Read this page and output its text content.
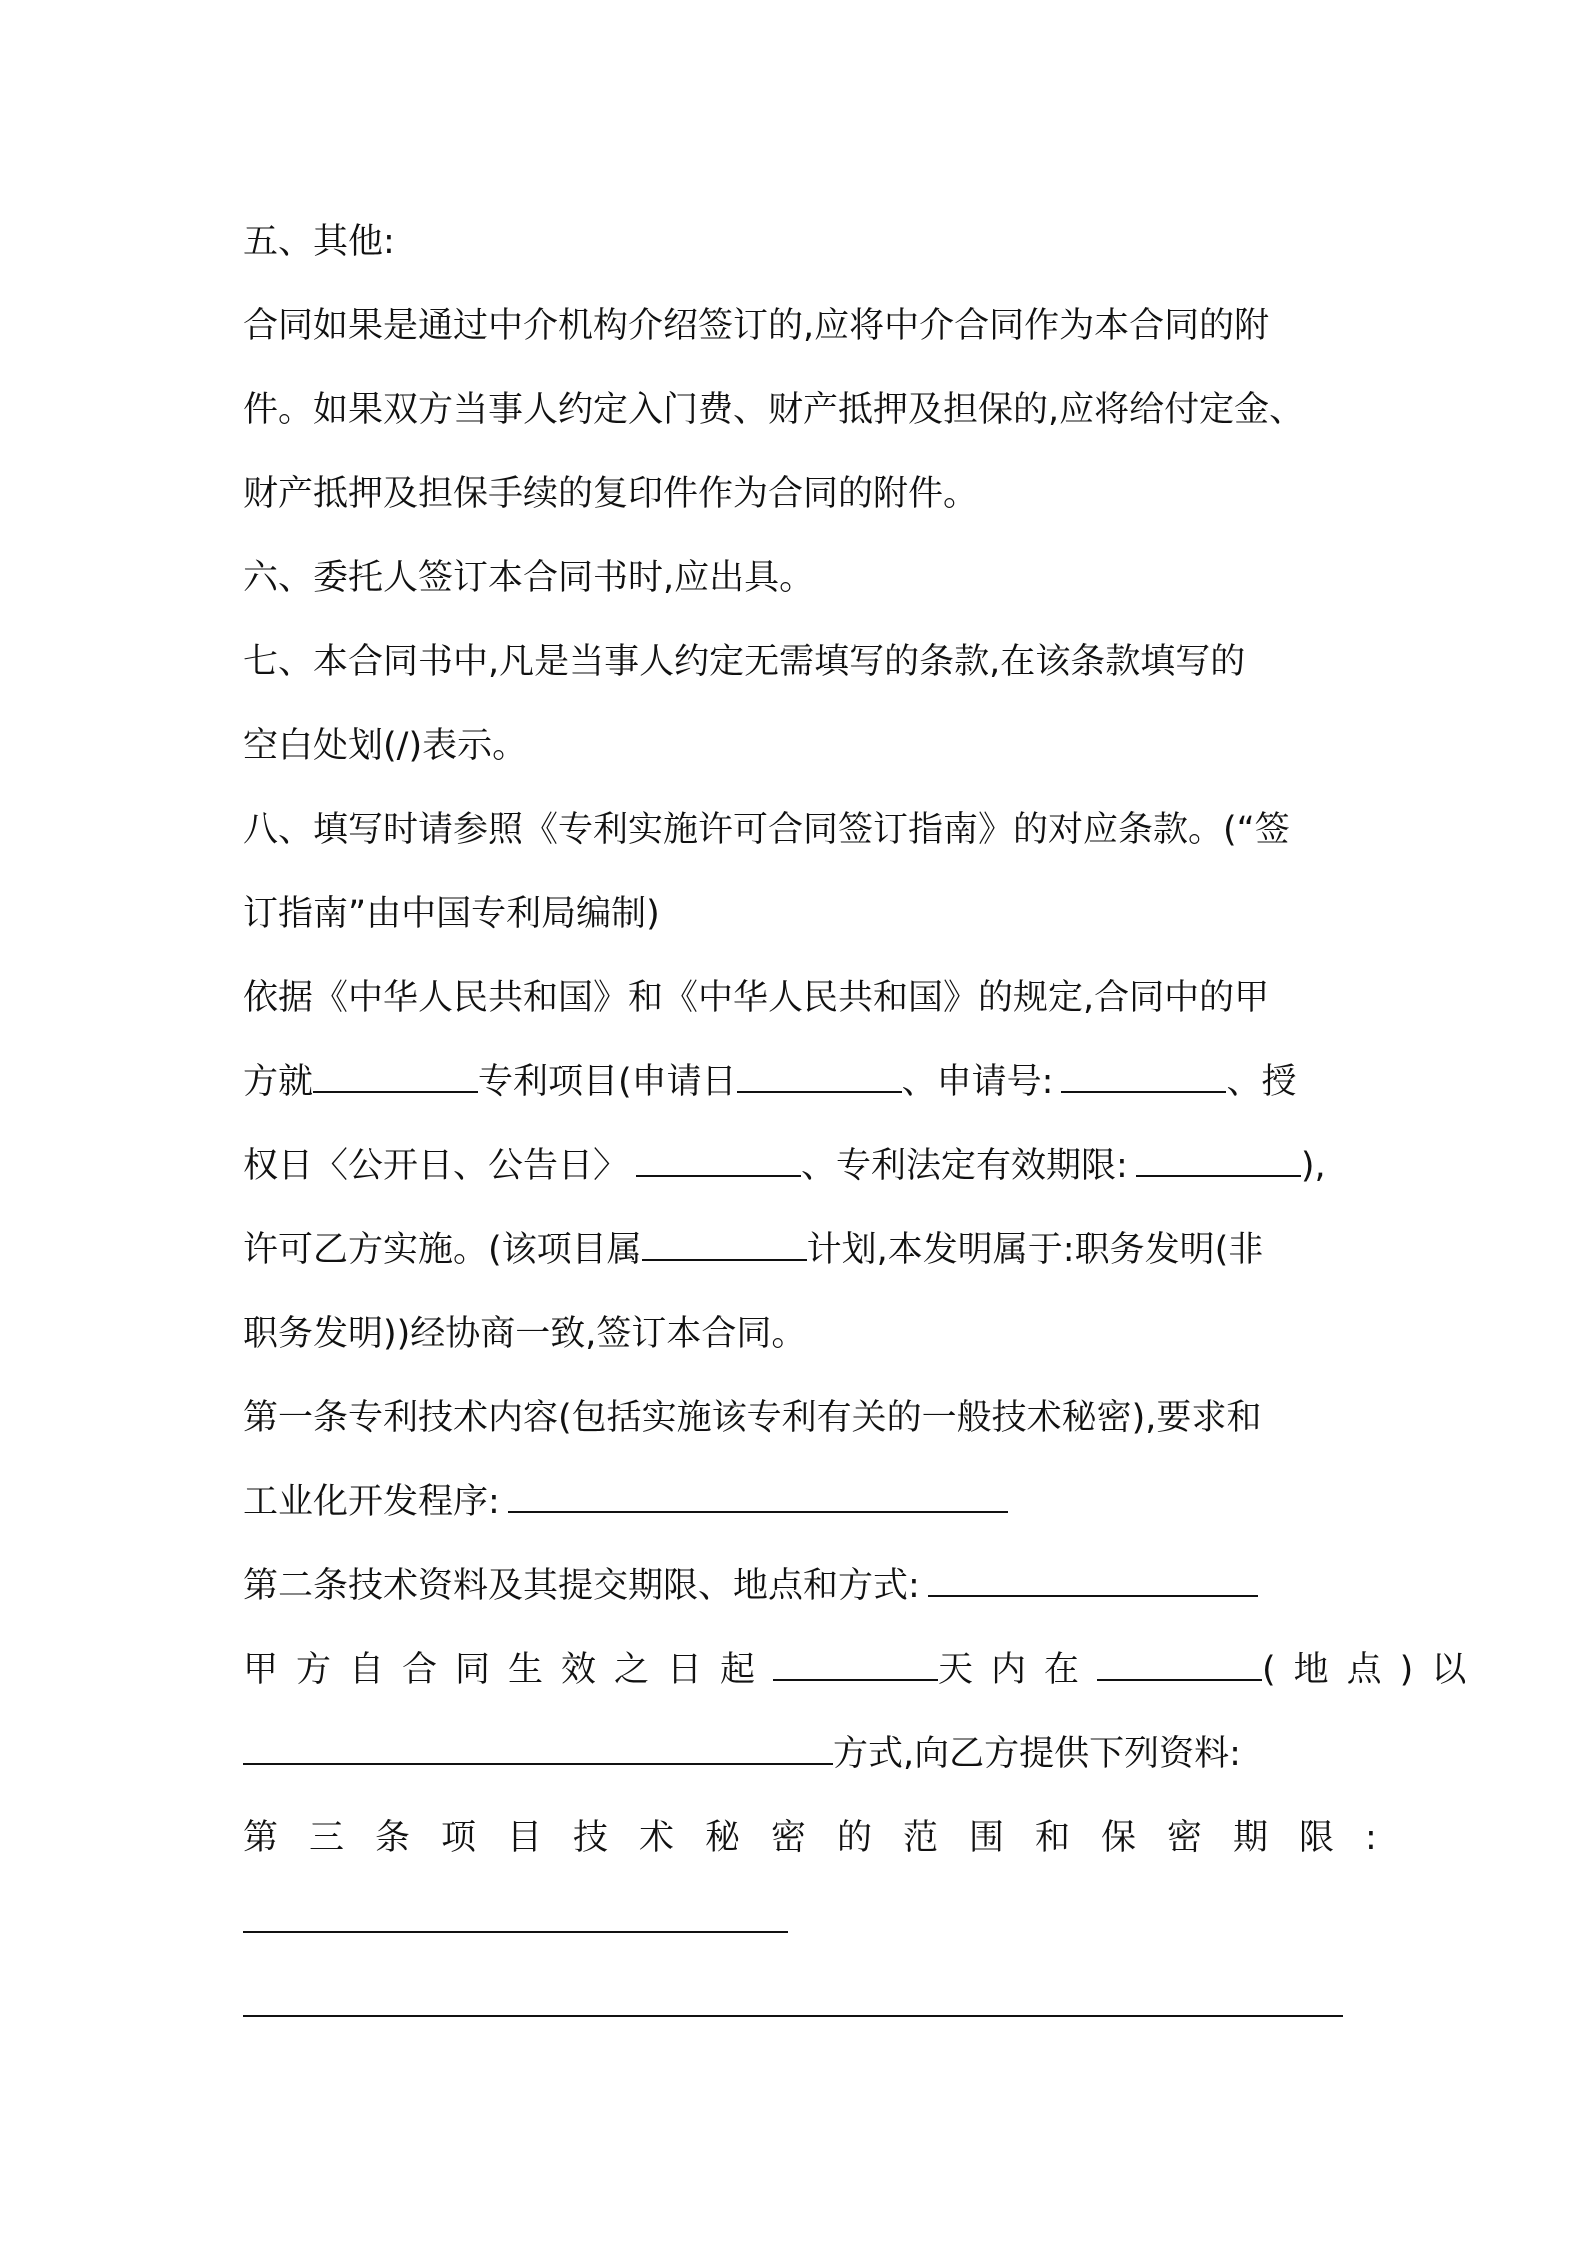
五、其他:
合同如果是通过中介机构介绍签订的,应将中介合同作为本合同的附
件。如果双方当事人约定入门费、财产抵押及担保的,应将给付定金、
财产抵押及担保手续的复印件作为合同的附件。
六、委托人签订本合同书时,应出具。
七、本合同书中,凡是当事人约定无需填写的条款,在该条款填写的
空白处划(/)表示。
八、填写时请参照《专利实施许可合同签订指南》的对应条款。(“签
订指南”由中国专利局编制)
依据《中华人民共和国》和《中华人民共和国》的规定,合同中的甲
方就	专利项目(申请日	、申请号:	、授
权日〈公开日、公告日〉	、专利法定有效期限:	),
许可乙方实施。(该项目属	计划,本发明属于:职务发明(非
职务发明))经协商一致,签订本合同。
第一条专利技术内容(包括实施该专利有关的一般技术秘密),要求和
工业化开发程序:
第二条技术资料及其提交期限、地点和方式:
甲方自合同生效之日起	天内在	(地点)以
方式,向乙方提供下列资料:
第三条项目技术秘密的范围和保密期限:
